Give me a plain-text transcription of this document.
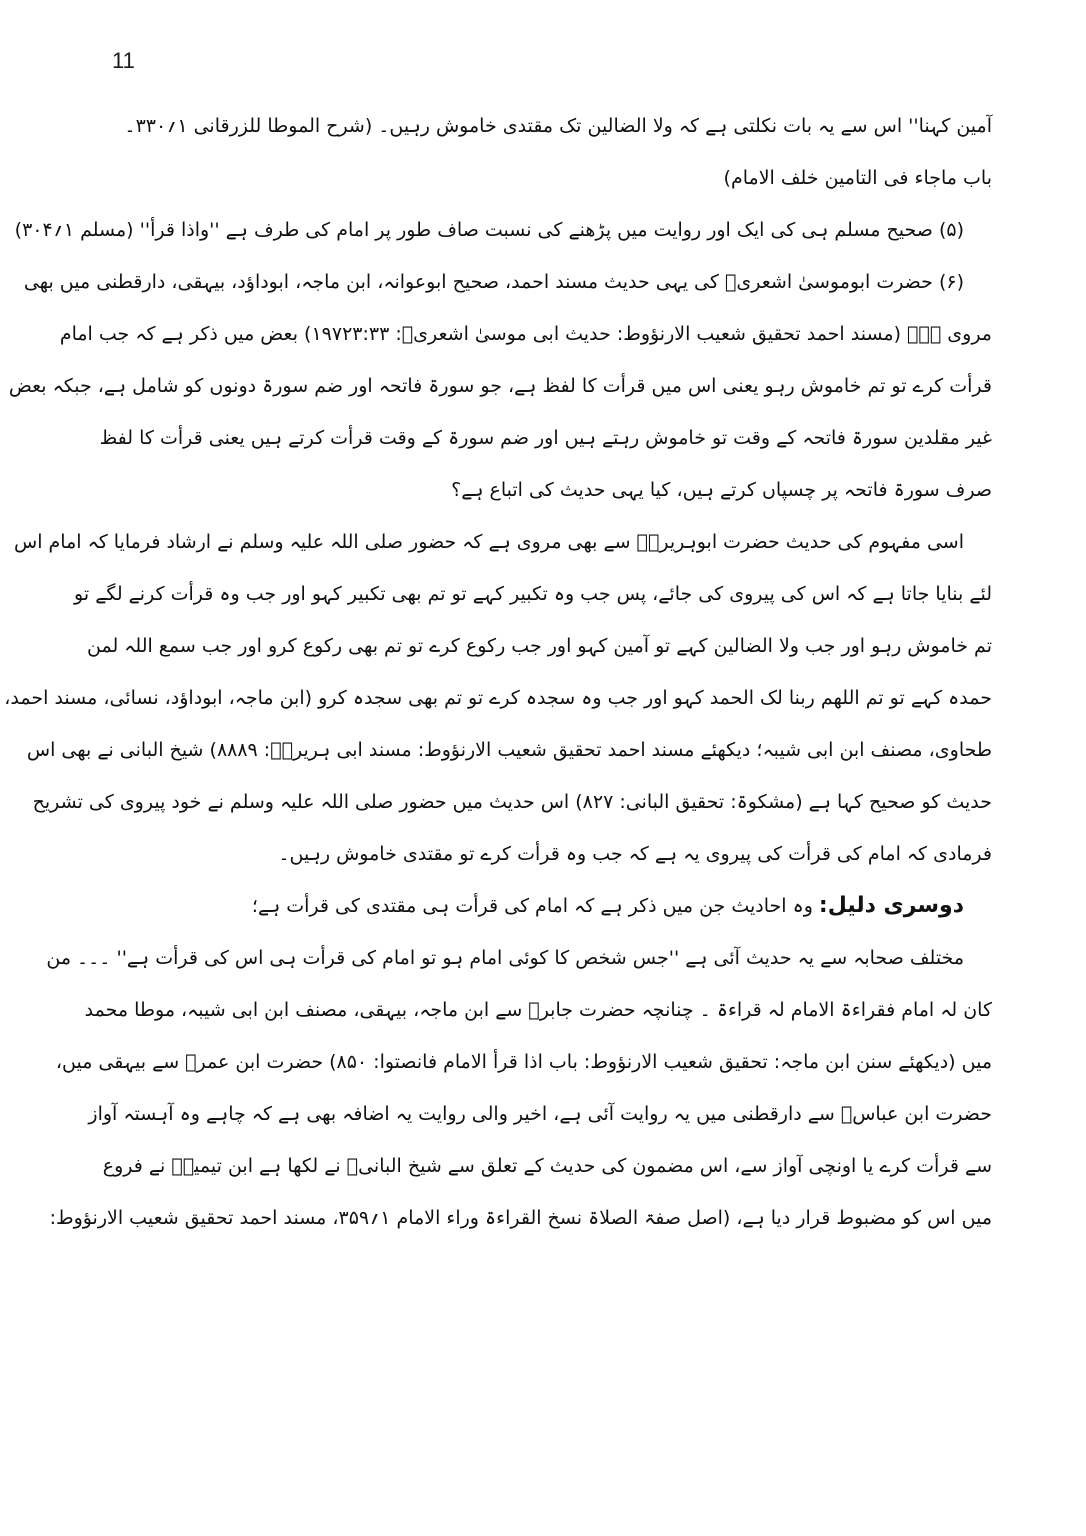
11
آمین کہنا'' اس سے یہ بات نکلتی ہے کہ ولا الضالین تک مقتدی خاموش رہیں۔ (شرح الموطا للزرقانی ۱؍۳۳۰۔
باب ماجاء فی التامین خلف الامام)
(۵) صحیح مسلم ہی کی ایک اور روایت میں پڑھنے کی نسبت صاف طور پر امام کی طرف ہے ''واذا قرأ'' (مسلم ۱؍۳۰۴)
(۶) حضرت ابوموسیٰ اشعریؓ کی یہی حدیث مسند احمد، صحیح ابوعوانہ، ابن ماجہ، ابوداؤد، بیہقی، دارقطنی میں بھی
مروی ہے۔ (مسند احمد تحقیق شعیب الارنؤوط: حدیث ابی موسیٰ اشعریؓ: ۱۹۷۲۳:۳۳) بعض میں ذکر ہے کہ جب امام
قرأت کرے تو تم خاموش رہو یعنی اس میں قرأت کا لفظ ہے، جو سورۃ فاتحہ اور ضم سورۃ دونوں کو شامل ہے، جبکہ بعض
غیر مقلدین سورۃ فاتحہ کے وقت تو خاموش رہتے ہیں اور ضم سورۃ کے وقت قرأت کرتے ہیں یعنی قرأت کا لفظ
صرف سورۃ فاتحہ پر چسپاں کرتے ہیں، کیا یہی حدیث کی اتباع ہے؟
اسی مفہوم کی حدیث حضرت ابوہریرہؓ سے بھی مروی ہے کہ حضور صلی اللہ علیہ وسلم نے ارشاد فرمایا کہ امام اس
لئے بنایا جاتا ہے کہ اس کی پیروی کی جائے، پس جب وہ تکبیر کہے تو تم بھی تکبیر کہو اور جب وہ قرأت کرنے لگے تو
تم خاموش رہو اور جب ولا الضالین کہے تو آمین کہو اور جب رکوع کرے تو تم بھی رکوع کرو اور جب سمع اللہ لمن
حمدہ کہے تو تم اللھم ربنا لک الحمد کہو اور جب وہ سجدہ کرے تو تم بھی سجدہ کرو (ابن ماجہ، ابوداؤد، نسائی، مسند احمد،
طحاوی، مصنف ابن ابی شیبہ؛ دیکھئے مسند احمد تحقیق شعیب الارنؤوط: مسند ابی ہریرہؓ: ۸۸۸۹) شیخ البانی نے بھی اس
حدیث کو صحیح کہا ہے (مشکوۃ: تحقیق البانی: ۸۲۷) اس حدیث میں حضور صلی اللہ علیہ وسلم نے خود پیروی کی تشریح
فرمادی کہ امام کی قرأت کی پیروی یہ ہے کہ جب وہ قرأت کرے تو مقتدی خاموش رہیں۔
دوسری دلیل: وہ احادیث جن میں ذکر ہے کہ امام کی قرأت ہی مقتدی کی قرأت ہے؛
مختلف صحابہ سے یہ حدیث آئی ہے ''جس شخص کا کوئی امام ہو تو امام کی قرأت ہی اس کی قرأت ہے'' ۔۔۔ من
کان لہ امام فقراءۃ الامام لہ قراءۃ ۔ چنانچہ حضرت جابرؓ سے ابن ماجہ، بیہقی، مصنف ابن ابی شیبہ، موطا محمد
میں (دیکھئے سنن ابن ماجہ: تحقیق شعیب الارنؤوط: باب اذا قرأ الامام فانصتوا: ۸۵۰) حضرت ابن عمرؓ سے بیہقی میں،
حضرت ابن عباسؓ سے دارقطنی میں یہ روایت آئی ہے، اخیر والی روایت یہ اضافہ بھی ہے کہ چاہے وہ آہستہ آواز
سے قرأت کرے یا اونچی آواز سے، اس مضمون کی حدیث کے تعلق سے شیخ البانیؒ نے لکھا ہے ابن تیمیہؒ نے فروع
میں اس کو مضبوط قرار دیا ہے، (اصل صفۃ الصلاۃ نسخ القراءۃ وراء الامام ۱؍۳۵۹، مسند احمد تحقیق شعیب الارنؤوط:
